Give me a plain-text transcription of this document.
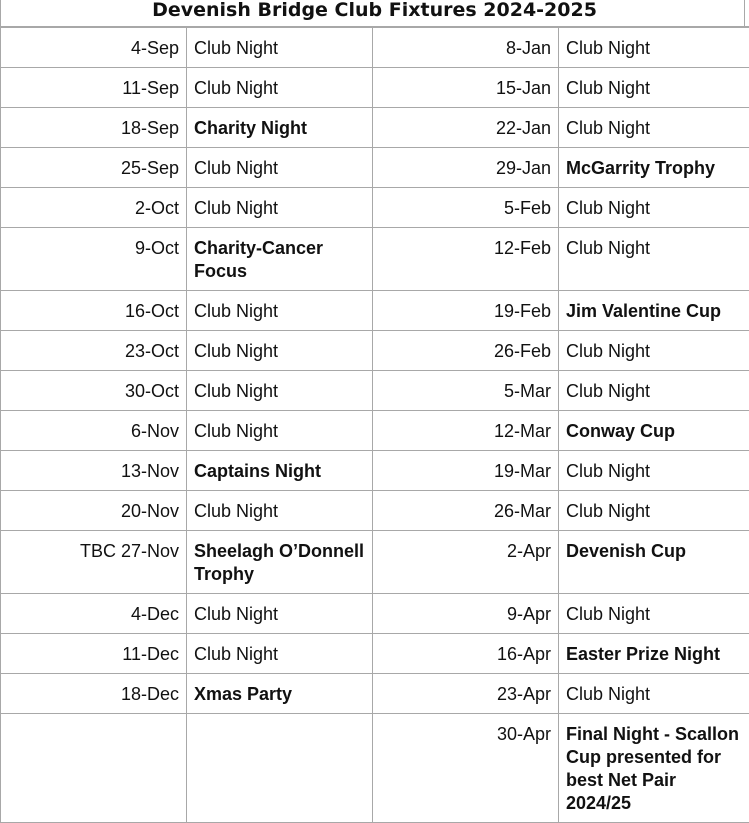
Devenish Bridge Club Fixtures 2024-2025
4-Sep	Club Night	8-Jan	Club Night
11-Sep	Club Night	15-Jan	Club Night
18-Sep	Charity Night	22-Jan	Club Night
25-Sep	Club Night	29-Jan	McGarrity Trophy
2-Oct	Club Night	5-Feb	Club Night
9-Oct	Charity-Cancer Focus	12-Feb	Club Night
16-Oct	Club Night	19-Feb	Jim Valentine Cup
23-Oct	Club Night	26-Feb	Club Night
30-Oct	Club Night	5-Mar	Club Night
6-Nov	Club Night	12-Mar	Conway Cup
13-Nov	Captains Night	19-Mar	Club Night
20-Nov	Club Night	26-Mar	Club Night
TBC 27-Nov	Sheelagh O’Donnell Trophy	2-Apr	Devenish Cup
4-Dec	Club Night	9-Apr	Club Night
11-Dec	Club Night	16-Apr	Easter Prize Night
18-Dec	Xmas Party	23-Apr	Club Night
		30-Apr	Final Night - Scallon Cup presented for best Net Pair 2024/25
